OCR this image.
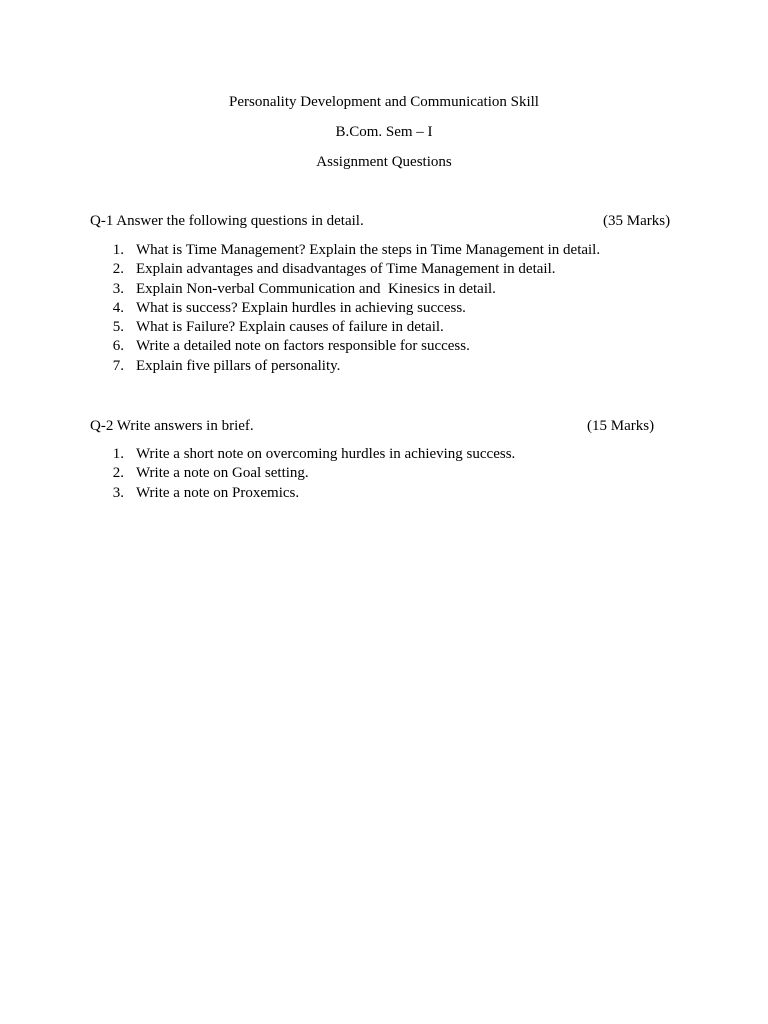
Personality Development and Communication Skill
B.Com. Sem – I
Assignment Questions
Q-1 Answer the following questions in detail.	(35 Marks)
1. What is Time Management? Explain the steps in Time Management in detail.
2. Explain advantages and disadvantages of Time Management in detail.
3. Explain Non-verbal Communication and  Kinesics in detail.
4. What is success? Explain hurdles in achieving success.
5. What is Failure? Explain causes of failure in detail.
6. Write a detailed note on factors responsible for success.
7. Explain five pillars of personality.
Q-2 Write answers in brief.	(15 Marks)
1. Write a short note on overcoming hurdles in achieving success.
2. Write a note on Goal setting.
3. Write a note on Proxemics.
